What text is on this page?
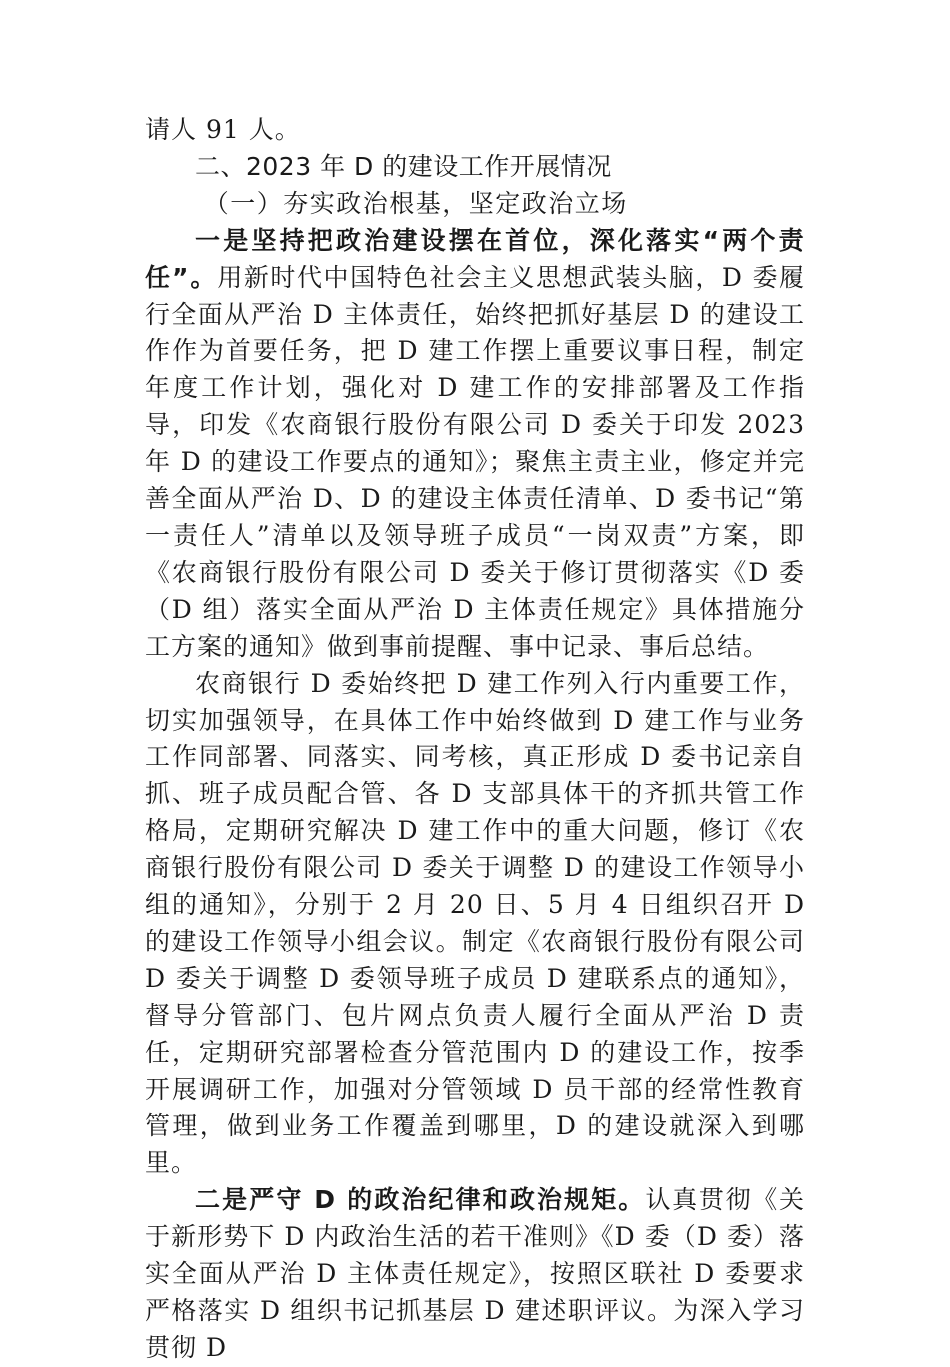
请人 91 人。

二、2023 年 D 的建设工作开展情况

（一）夯实政治根基，坚定政治立场

一是坚持把政治建设摆在首位，深化落实“两个责任”。用新时代中国特色社会主义思想武装头脑，D 委履行全面从严治 D 主体责任，始终把抓好基层 D 的建设工作作为首要任务，把 D 建工作摆上重要议事日程，制定年度工作计划，强化对 D 建工作的安排部署及工作指导，印发《农商银行股份有限公司 D 委关于印发 2023 年 D 的建设工作要点的通知》；聚焦主责主业，修定并完善全面从严治 D、D 的建设主体责任清单、D 委书记“第一责任人”清单以及领导班子成员“一岗双责”方案，即《农商银行股份有限公司 D 委关于修订贯彻落实《D 委（D 组）落实全面从严治 D 主体责任规定》具体措施分工方案的通知》做到事前提醒、事中记录、事后总结。

农商银行 D 委始终把 D 建工作列入行内重要工作，切实加强领导，在具体工作中始终做到 D 建工作与业务工作同部署、同落实、同考核，真正形成 D 委书记亲自抓、班子成员配合管、各 D 支部具体干的齐抓共管工作格局，定期研究解决 D 建工作中的重大问题，修订《农商银行股份有限公司 D 委关于调整 D 的建设工作领导小组的通知》，分别于 2 月 20 日、5 月 4 日组织召开 D 的建设工作领导小组会议。制定《农商银行股份有限公司 D 委关于调整 D 委领导班子成员 D 建联系点的通知》，督导分管部门、包片网点负责人履行全面从严治 D 责任，定期研究部署检查分管范围内 D 的建设工作，按季开展调研工作，加强对分管领域 D 员干部的经常性教育管理，做到业务工作覆盖到哪里，D 的建设就深入到哪里。

二是严守 D 的政治纪律和政治规矩。认真贯彻《关于新形势下 D 内政治生活的若干准则》《D 委（D 委）落实全面从严治 D 主体责任规定》，按照区联社 D 委要求严格落实 D 组织书记抓基层 D 建述职评议。为深入学习贯彻 D
